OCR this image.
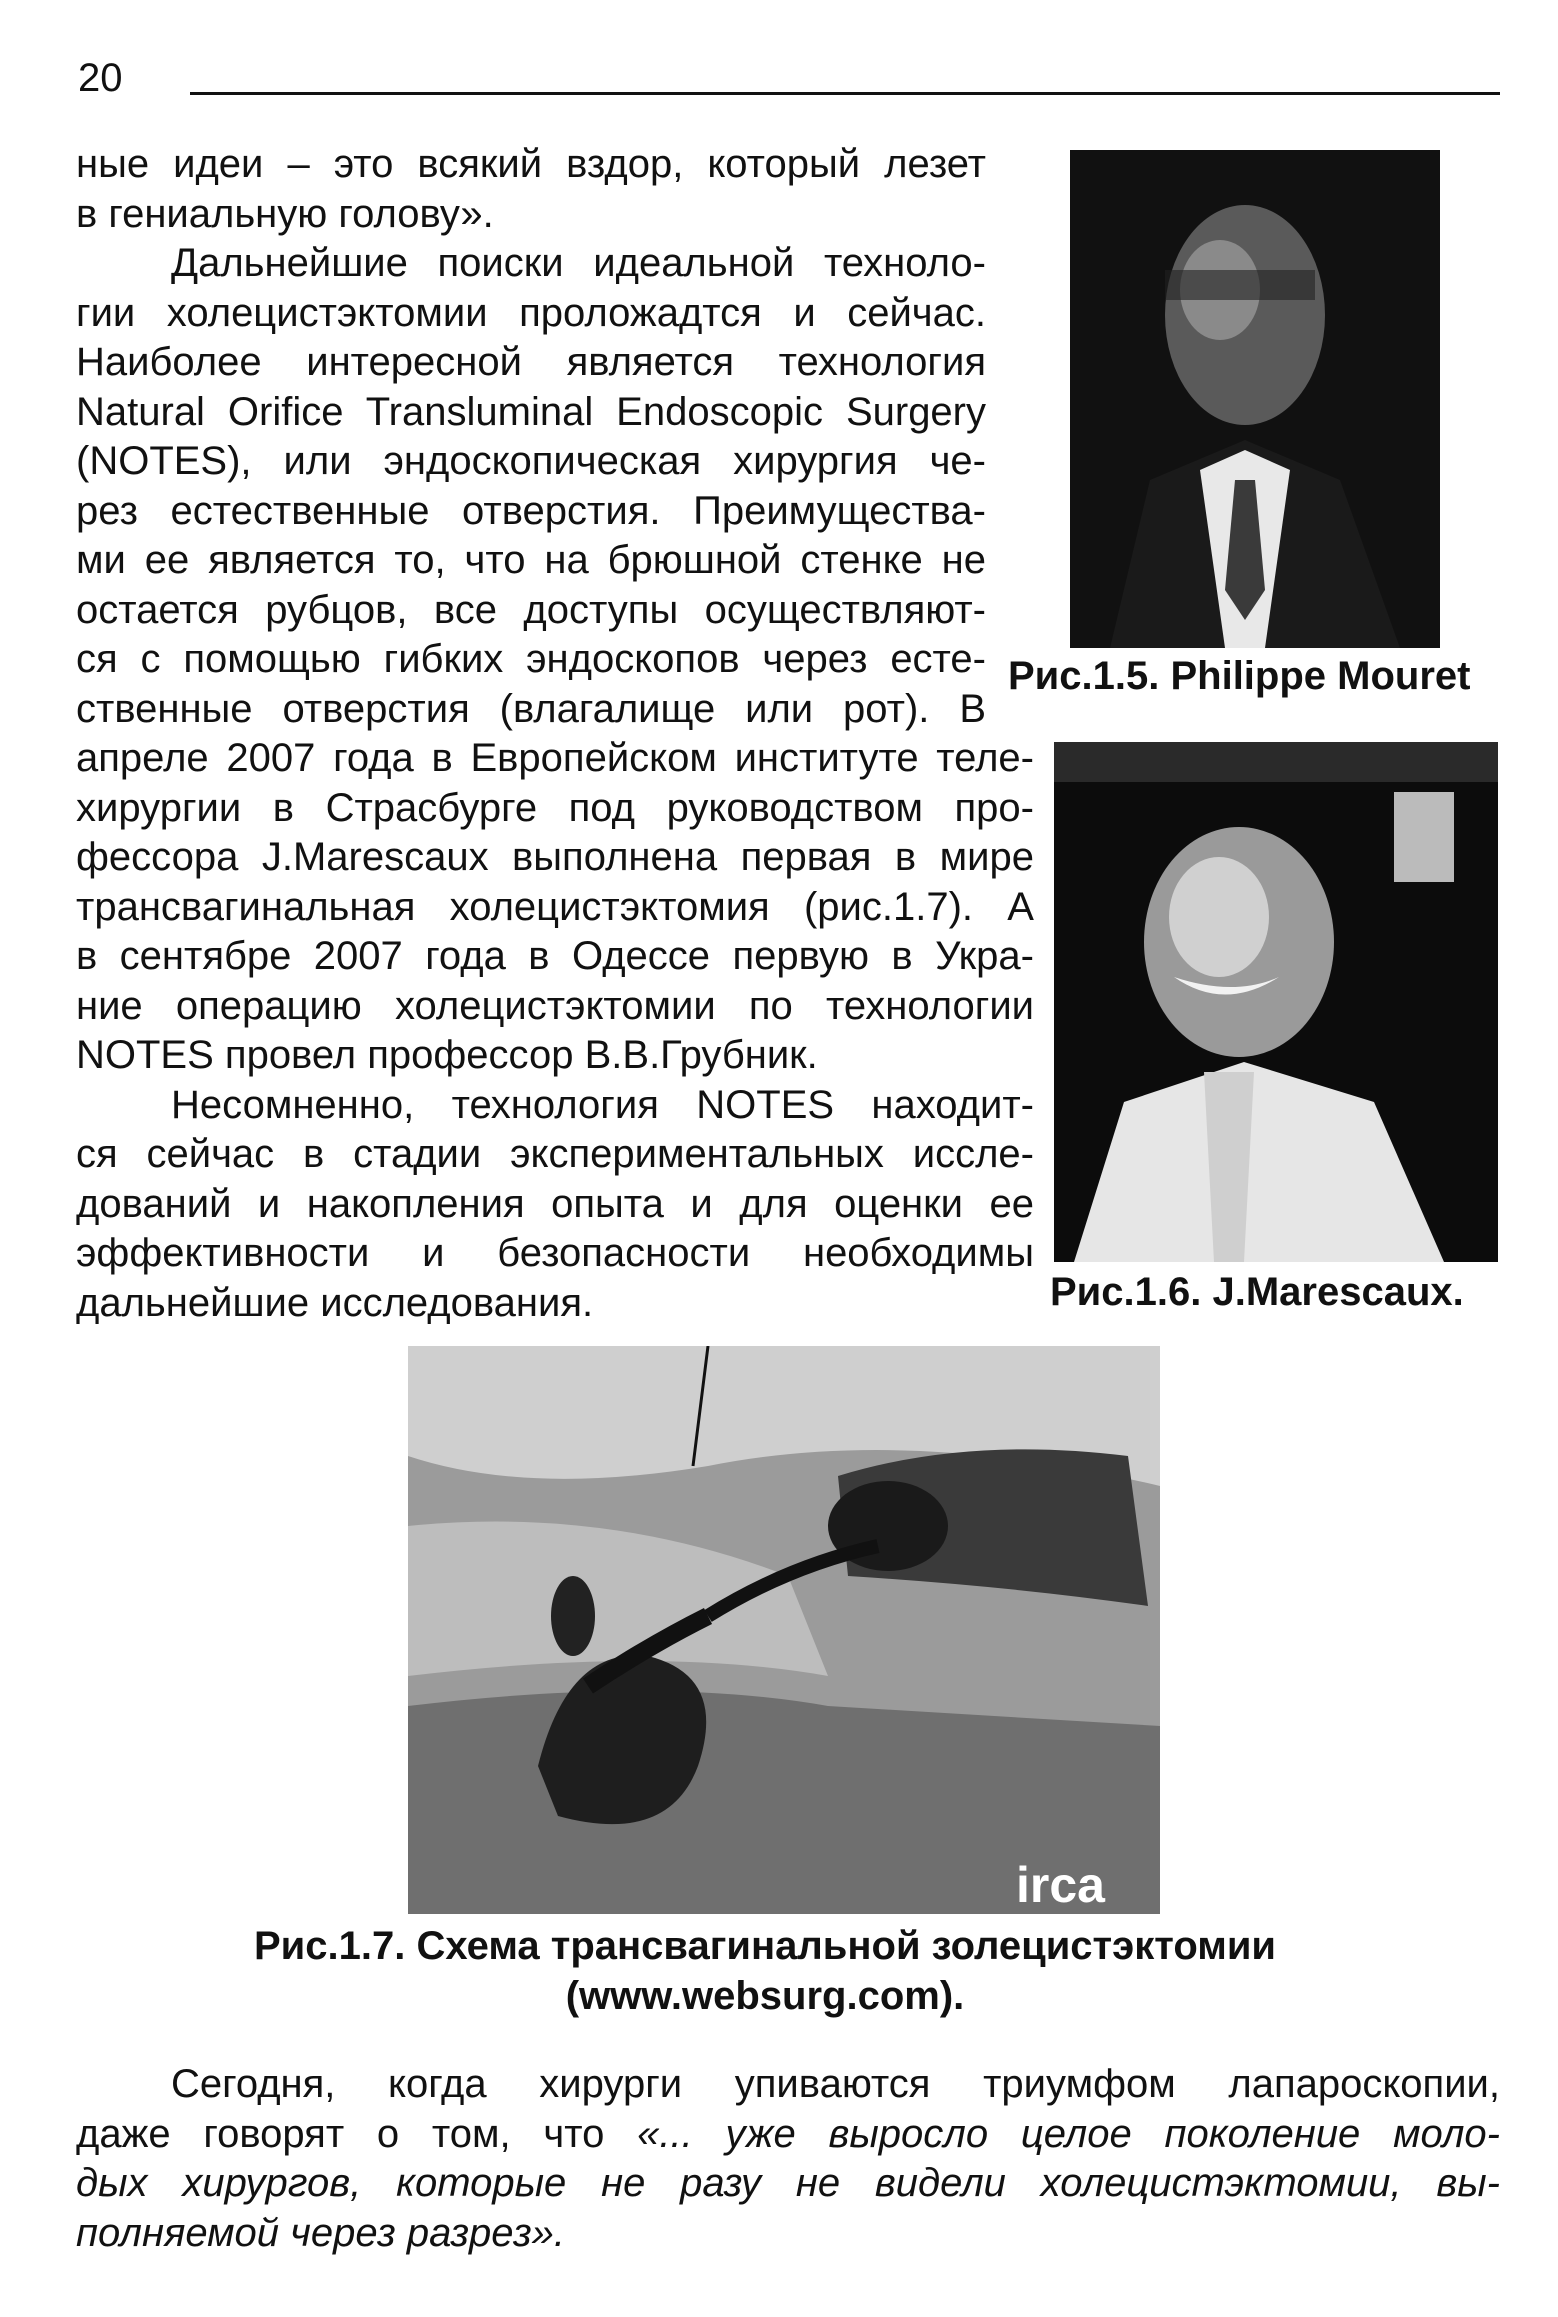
20
ные идеи – это всякий вздор, который лезет
в гениальную голову».
Дальнейшие поиски идеальной техноло-
гии холецистэктомии проложадтся и сейчас.
Наиболее интересной является технология
Natural Orifice Transluminal Endoscopic Surgery
(NOTES), или эндоскопическая хирургия че-
рез естественные отверстия. Преимущества-
ми ее является то, что на брюшной стенке не
остается рубцов, все доступы осуществляют-
ся с помощью гибких эндоскопов через есте-
ственные отверстия (влагалище или рот). В
апреле 2007 года в Европейском институте теле-
хирургии в Страсбурге под руководством про-
фессора J.Marescaux выполнена первая в мире
трансвагинальная холецистэктомия (рис.1.7). А
в сентябре 2007 года в Одессе первую в Укра-
ние операцию холецистэктомии по технологии
NOTES провел профессор В.В.Грубник.
Несомненно, технология NOTES находит-
ся сейчас в стадии экспериментальных иссле-
дований и накопления опыта и для оценки ее
эффективности и безопасности необходимы
дальнейшие исследования.
Рис.1.5. Philippe Mouret
Рис.1.6. J.Marescaux.
irca
Рис.1.7. Схема трансвагинальной золецистэктомии
(www.websurg.com).
Сегодня, когда хирурги упиваются триумфом лапароскопии,
даже говорят о том, что «... уже выросло целое поколение моло-
дых хирургов, которые не разу не видели холецистэктомии, вы-
полняемой через разрез».
